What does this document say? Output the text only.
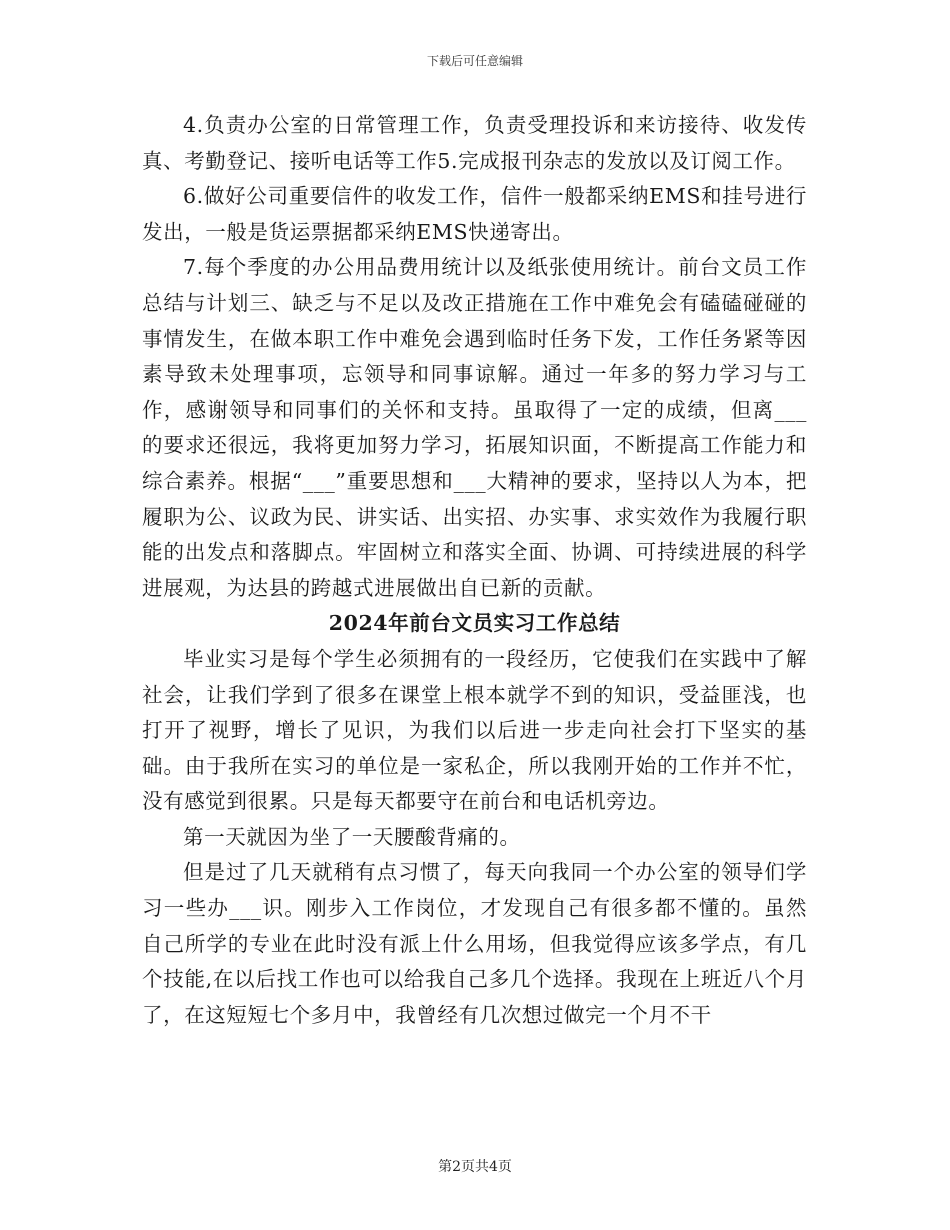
下载后可任意编辑

4.负责办公室的日常管理工作，负责受理投诉和来访接待、收发传真、考勤登记、接听电话等工作5.完成报刊杂志的发放以及订阅工作。

6.做好公司重要信件的收发工作，信件一般都采纳EMS和挂号进行发出，一般是货运票据都采纳EMS快递寄出。

7.每个季度的办公用品费用统计以及纸张使用统计。前台文员工作总结与计划三、缺乏与不足以及改正措施在工作中难免会有磕磕碰碰的事情发生，在做本职工作中难免会遇到临时任务下发，工作任务紧等因素导致未处理事项，忘领导和同事谅解。通过一年多的努力学习与工作，感谢领导和同事们的关怀和支持。虽取得了一定的成绩，但离___的要求还很远，我将更加努力学习，拓展知识面，不断提高工作能力和综合素养。根据“___”重要思想和___大精神的要求，坚持以人为本，把履职为公、议政为民、讲实话、出实招、办实事、求实效作为我履行职能的出发点和落脚点。牢固树立和落实全面、协调、可持续进展的科学进展观，为达县的跨越式进展做出自已新的贡献。

2024年前台文员实习工作总结

毕业实习是每个学生必须拥有的一段经历，它使我们在实践中了解社会，让我们学到了很多在课堂上根本就学不到的知识，受益匪浅，也打开了视野，增长了见识，为我们以后进一步走向社会打下坚实的基础。由于我所在实习的单位是一家私企，所以我刚开始的工作并不忙，没有感觉到很累。只是每天都要守在前台和电话机旁边。

第一天就因为坐了一天腰酸背痛的。

但是过了几天就稍有点习惯了，每天向我同一个办公室的领导们学习一些办___识。刚步入工作岗位，才发现自己有很多都不懂的。虽然自己所学的专业在此时没有派上什么用场，但我觉得应该多学点，有几个技能,在以后找工作也可以给我自己多几个选择。我现在上班近八个月了，在这短短七个多月中，我曾经有几次想过做完一个月不干

第2页共4页
